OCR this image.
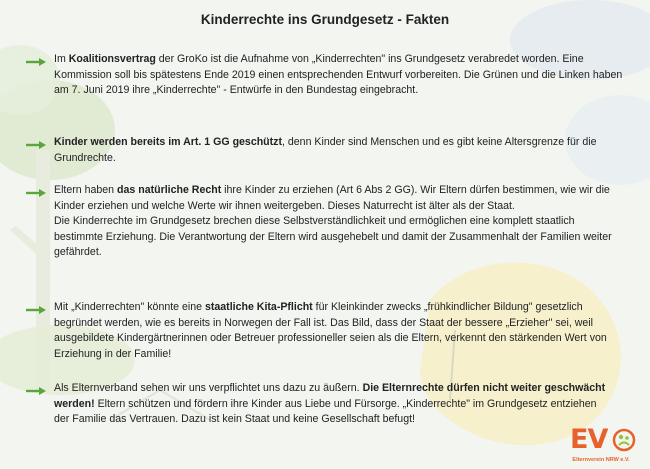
Kinderrechte ins Grundgesetz - Fakten
Im Koalitionsvertrag der GroKo ist die Aufnahme von „Kinderrechten" ins Grundgesetz verabredet worden. Eine Kommission soll bis spätestens Ende 2019 einen entsprechenden Entwurf vorbereiten. Die Grünen und die Linken haben am 7. Juni 2019 ihre „Kinderrechte" - Entwürfe in den Bundestag eingebracht.
Kinder werden bereits im Art. 1 GG geschützt, denn Kinder sind Menschen und es gibt keine Altersgrenze für die Grundrechte.
Eltern haben das natürliche Recht ihre Kinder zu erziehen (Art 6 Abs 2 GG). Wir Eltern dürfen bestimmen, wie wir die Kinder erziehen und welche Werte wir ihnen weitergeben. Dieses Naturrecht ist älter als der Staat.
Die Kinderrechte im Grundgesetz brechen diese Selbstverständlichkeit und ermöglichen eine komplett staatlich bestimmte Erziehung. Die Verantwortung der Eltern wird ausgehebelt und damit der Zusammenhalt der Familien weiter gefährdet.
Mit „Kinderrechten" könnte eine staatliche Kita-Pflicht für Kleinkinder zwecks „frühkindlicher Bildung" gesetzlich begründet werden, wie es bereits in Norwegen der Fall ist. Das Bild, dass der Staat der bessere „Erzieher" sei, weil ausgebildete Kindergärtnerinnen oder Betreuer professioneller seien als die Eltern, verkennt den stärkenden Wert von Erziehung in der Familie!
Als Elternverband sehen wir uns verpflichtet uns dazu zu äußern. Die Elternrechte dürfen nicht weiter geschwächt werden! Eltern schützen und fördern ihre Kinder aus Liebe und Fürsorge. „Kinderrechte" im Grundgesetz entziehen der Familie das Vertrauen. Dazu ist kein Staat und keine Gesellschaft befugt!
EV
Elternverein NRW e.V.
